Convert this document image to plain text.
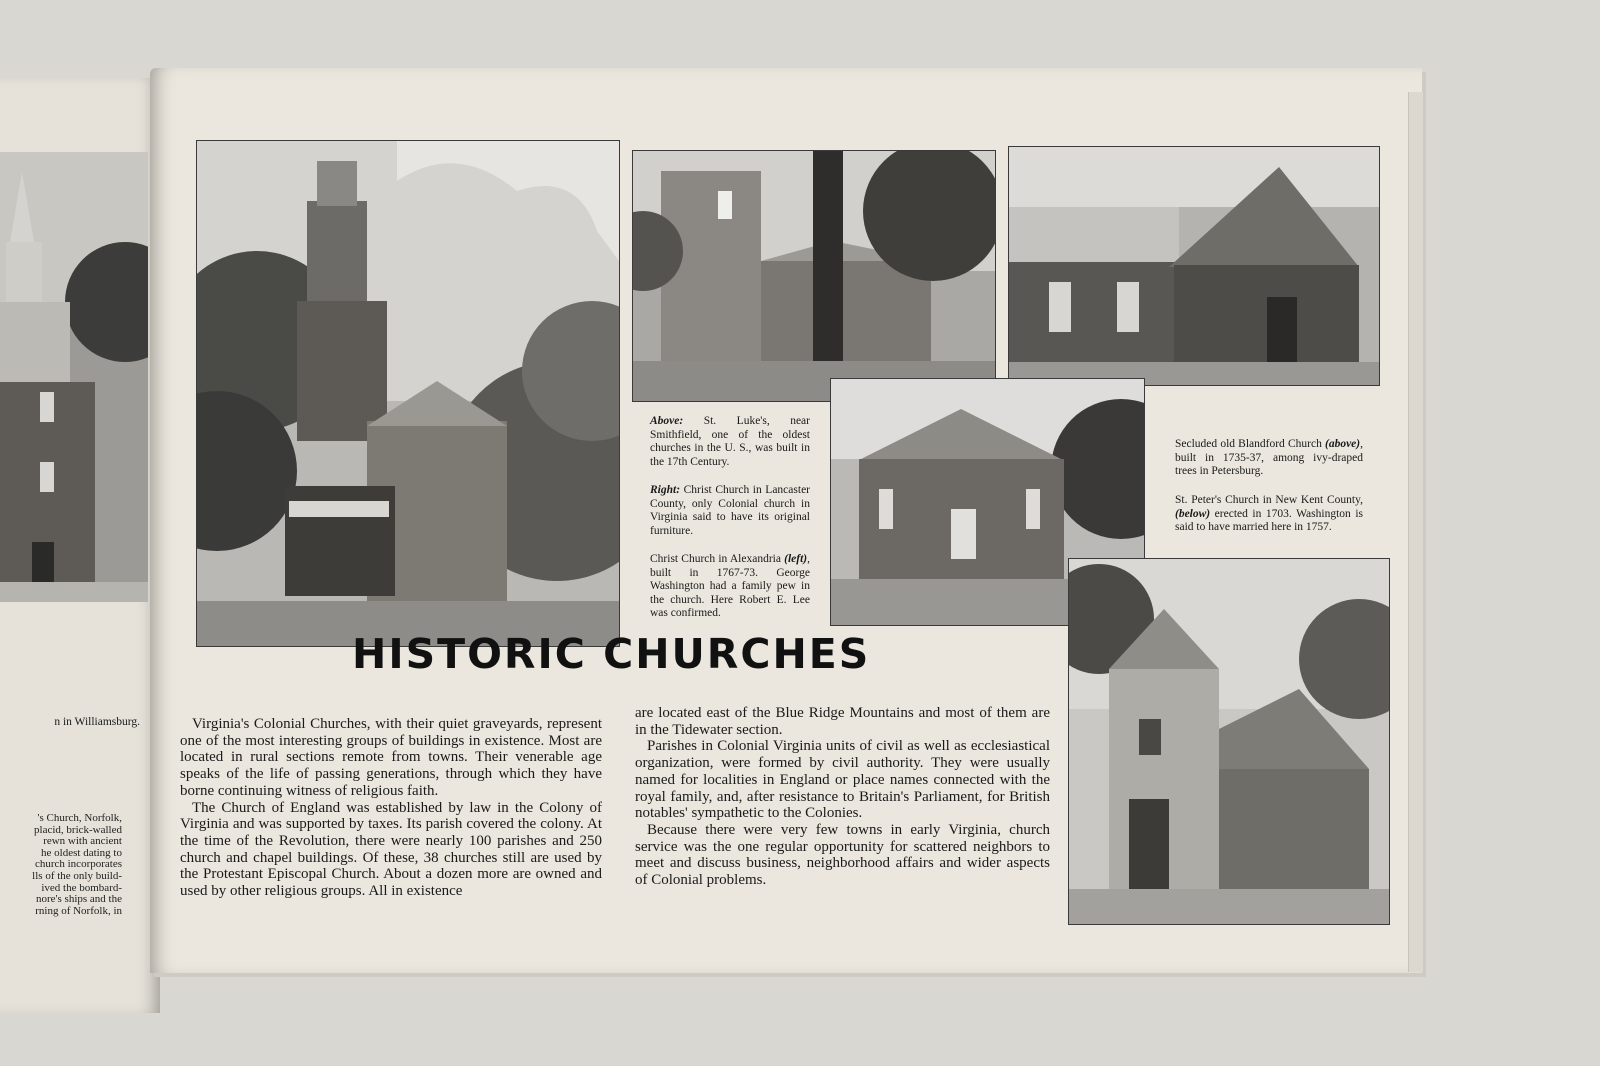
n in Williamsburg.
's Church, Norfolk,
placid, brick-walled
rewn with ancient
he oldest dating to
church incorporates
lls of the only build-
ived the bombard-
nore's ships and the
rning of Norfolk, in

Above: St. Luke's, near Smithfield, one of the oldest churches in the U. S., was built in the 17th Century.

Right: Christ Church in Lancaster County, only Colonial church in Virginia said to have its original furniture.

Christ Church in Alexandria (left), built in 1767-73. George Washington had a family pew in the church. Here Robert E. Lee was confirmed.

Secluded old Blandford Church (above), built in 1735-37, among ivy-draped trees in Petersburg.

St. Peter's Church in New Kent County, (below) erected in 1703. Washington is said to have married here in 1757.

HISTORIC CHURCHES

Virginia's Colonial Churches, with their quiet graveyards, represent one of the most interesting groups of buildings in existence. Most are located in rural sections remote from towns. Their venerable age speaks of the life of passing generations, through which they have borne continuing witness of religious faith.

The Church of England was established by law in the Colony of Virginia and was supported by taxes. Its parish covered the colony. At the time of the Revolution, there were nearly 100 parishes and 250 church and chapel buildings. Of these, 38 churches still are used by the Protestant Episcopal Church. About a dozen more are owned and used by other religious groups. All in existence

are located east of the Blue Ridge Mountains and most of them are in the Tidewater section.

Parishes in Colonial Virginia units of civil as well as ecclesiastical organization, were formed by civil authority. They were usually named for localities in England or place names connected with the royal family, and, after resistance to Britain's Parliament, for British notables' sympathetic to the Colonies.

Because there were very few towns in early Virginia, church service was the one regular opportunity for scattered neighbors to meet and discuss business, neighborhood affairs and wider aspects of Colonial problems.
